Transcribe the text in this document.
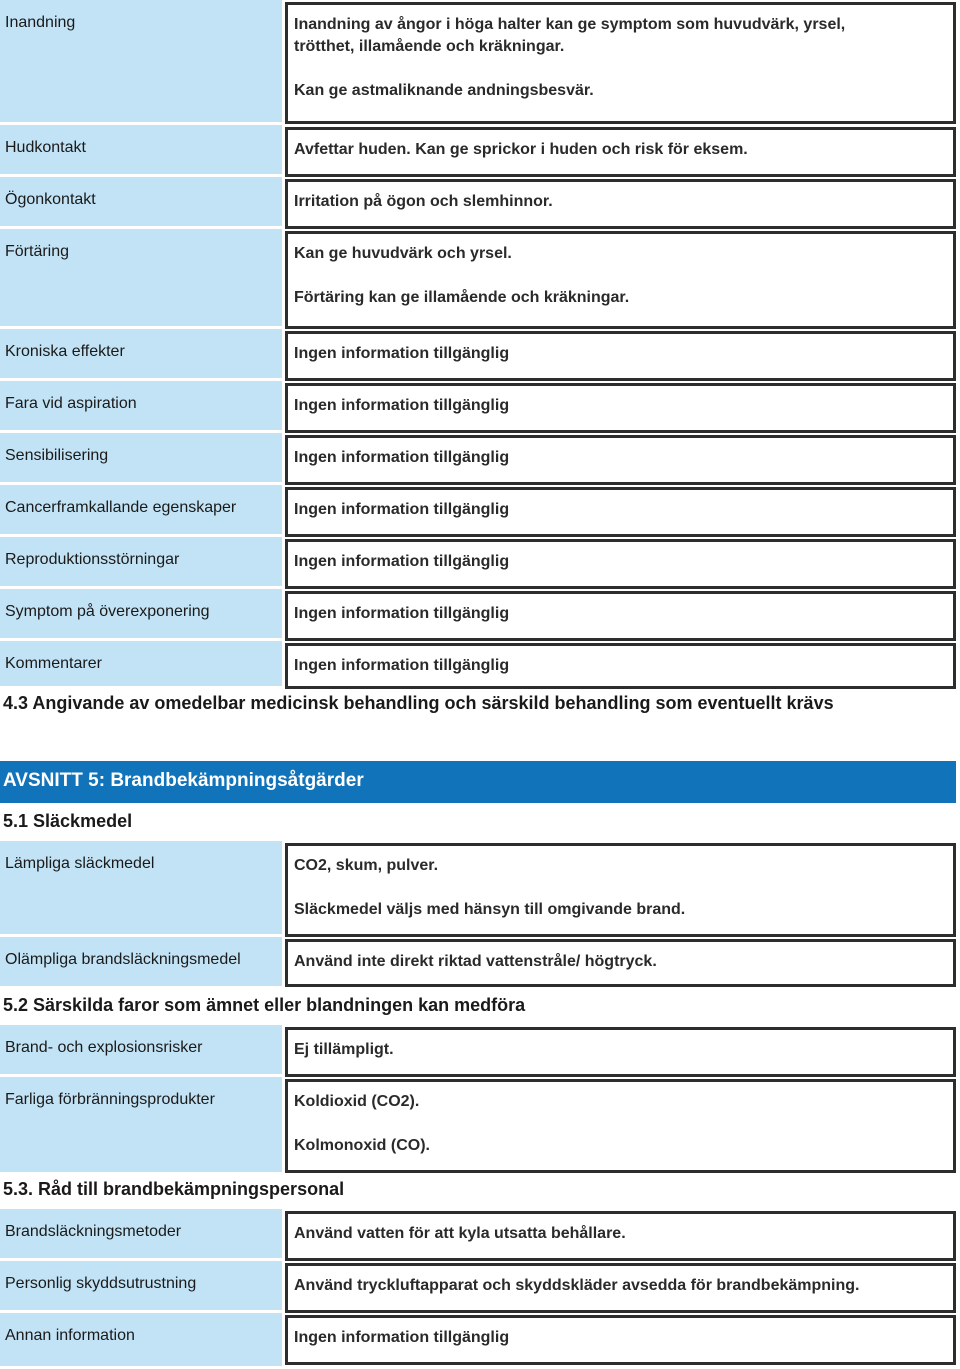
Inandning	Inandning av ångor i höga halter kan ge symptom som huvudvärk, yrsel,
trötthet, illamående och kräkningar.
Kan ge astmaliknande andningsbesvär.
Hudkontakt	Avfettar huden. Kan ge sprickor i huden och risk för eksem.
Ögonkontakt	Irritation på ögon och slemhinnor.
Förtäring	Kan ge huvudvärk och yrsel.
Förtäring kan ge illamående och kräkningar.
Kroniska effekter	Ingen information tillgänglig
Fara vid aspiration	Ingen information tillgänglig
Sensibilisering	Ingen information tillgänglig
Cancerframkallande egenskaper	Ingen information tillgänglig
Reproduktionsstörningar	Ingen information tillgänglig
Symptom på överexponering	Ingen information tillgänglig
Kommentarer	Ingen information tillgänglig
4.3 Angivande av omedelbar medicinsk behandling och särskild behandling som eventuellt krävs
AVSNITT 5: Brandbekämpningsåtgärder
5.1 Släckmedel
Lämpliga släckmedel	CO2, skum, pulver.
Släckmedel väljs med hänsyn till omgivande brand.
Olämpliga brandsläckningsmedel	Använd inte direkt riktad vattenstråle/ högtryck.
5.2 Särskilda faror som ämnet eller blandningen kan medföra
Brand- och explosionsrisker	Ej tillämpligt.
Farliga förbränningsprodukter	Koldioxid (CO2).
Kolmonoxid (CO).
5.3. Råd till brandbekämpningspersonal
Brandsläckningsmetoder	Använd vatten för att kyla utsatta behållare.
Personlig skyddsutrustning	Använd tryckluftapparat och skyddskläder avsedda för brandbekämpning.
Annan information	Ingen information tillgänglig
